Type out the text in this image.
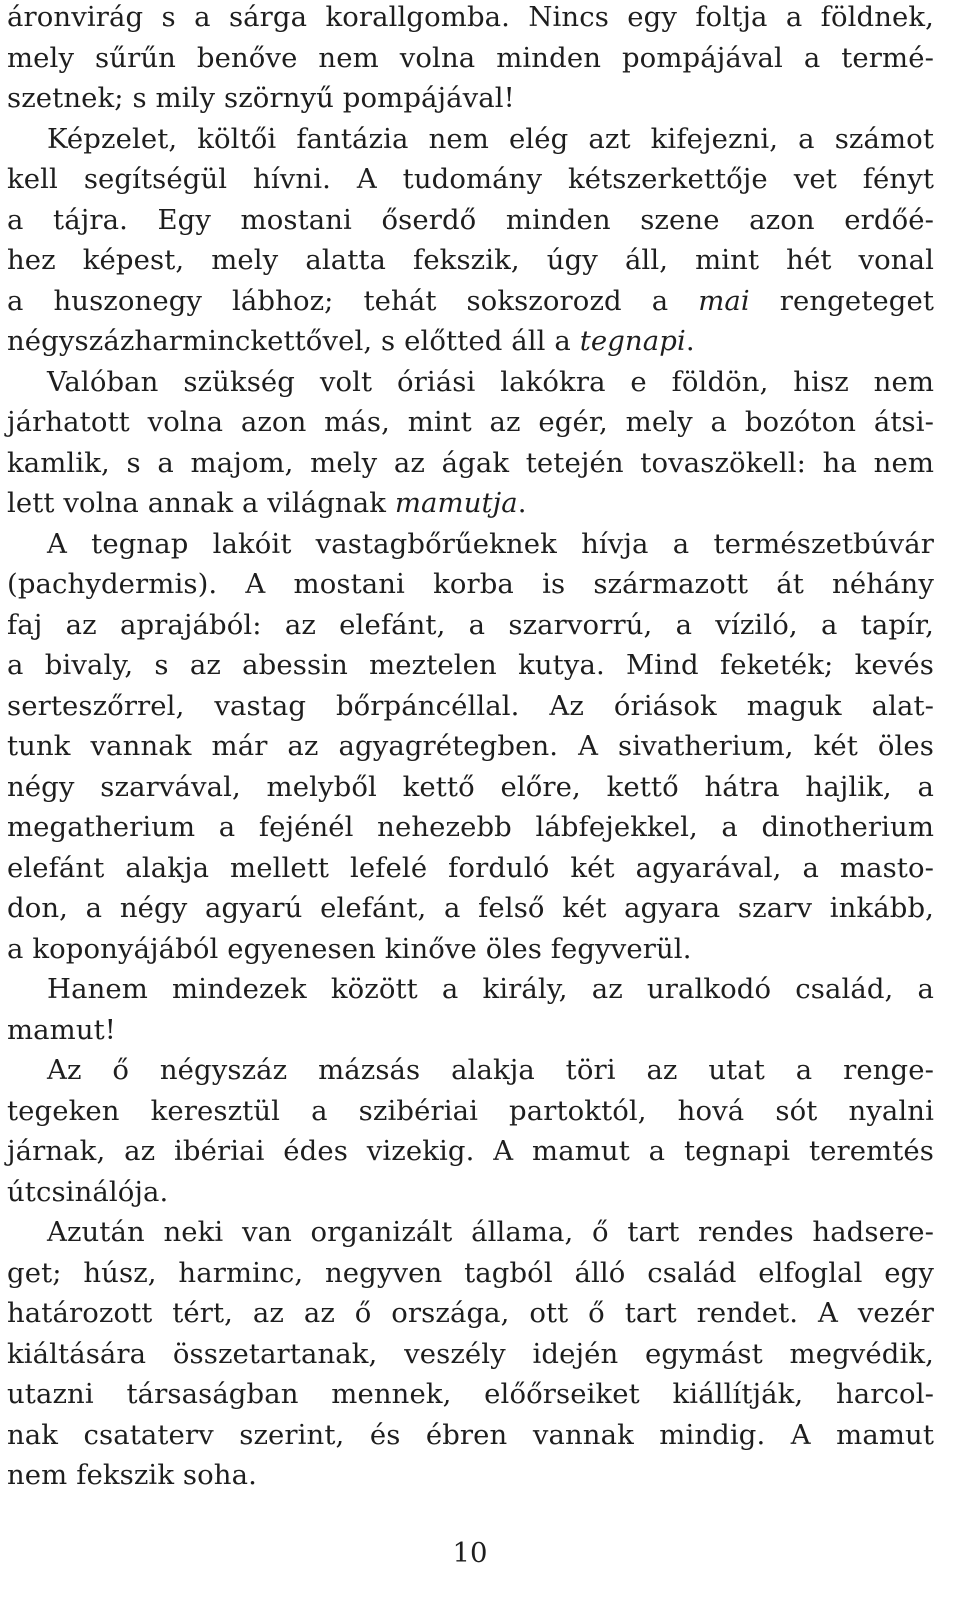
áronvirág s a sárga korallgomba. Nincs egy foltja a földnek,
mely sűrűn benőve nem volna minden pompájával a termé-
szetnek; s mily szörnyű pompájával!
Képzelet, költői fantázia nem elég azt kifejezni, a számot
kell segítségül hívni. A tudomány kétszerkettője vet fényt
a tájra. Egy mostani őserdő minden szene azon erdőé-
hez képest, mely alatta fekszik, úgy áll, mint hét vonal
a huszonegy lábhoz; tehát sokszorozd a mai rengeteget
négyszázharminckettővel, s előtted áll a tegnapi.
Valóban szükség volt óriási lakókra e földön, hisz nem
járhatott volna azon más, mint az egér, mely a bozóton átsi-
kamlik, s a majom, mely az ágak tetején tovaszökell: ha nem
lett volna annak a világnak mamutja.
A tegnap lakóit vastagbőrűeknek hívja a természetbúvár
(pachydermis). A mostani korba is származott át néhány
faj az aprajából: az elefánt, a szarvorrú, a víziló, a tapír,
a bivaly, s az abessin meztelen kutya. Mind feketék; kevés
serteszőrrel, vastag bőrpáncéllal. Az óriások maguk alat-
tunk vannak már az agyagrétegben. A sivatherium, két öles
négy szarvával, melyből kettő előre, kettő hátra hajlik, a
megatherium a fejénél nehezebb lábfejekkel, a dinotherium
elefánt alakja mellett lefelé forduló két agyarával, a masto-
don, a négy agyarú elefánt, a felső két agyara szarv inkább,
a koponyájából egyenesen kinőve öles fegyverül.
Hanem mindezek között a király, az uralkodó család, a
mamut!
Az ő négyszáz mázsás alakja töri az utat a renge-
tegeken keresztül a szibériai partoktól, hová sót nyalni
járnak, az ibériai édes vizekig. A mamut a tegnapi teremtés
útcsinálója.
Azután neki van organizált állama, ő tart rendes hadsere-
get; húsz, harminc, negyven tagból álló család elfoglal egy
határozott tért, az az ő országa, ott ő tart rendet. A vezér
kiáltására összetartanak, veszély idején egymást megvédik,
utazni társaságban mennek, előőrseiket kiállítják, harcol-
nak csataterv szerint, és ébren vannak mindig. A mamut
nem fekszik soha.
10
